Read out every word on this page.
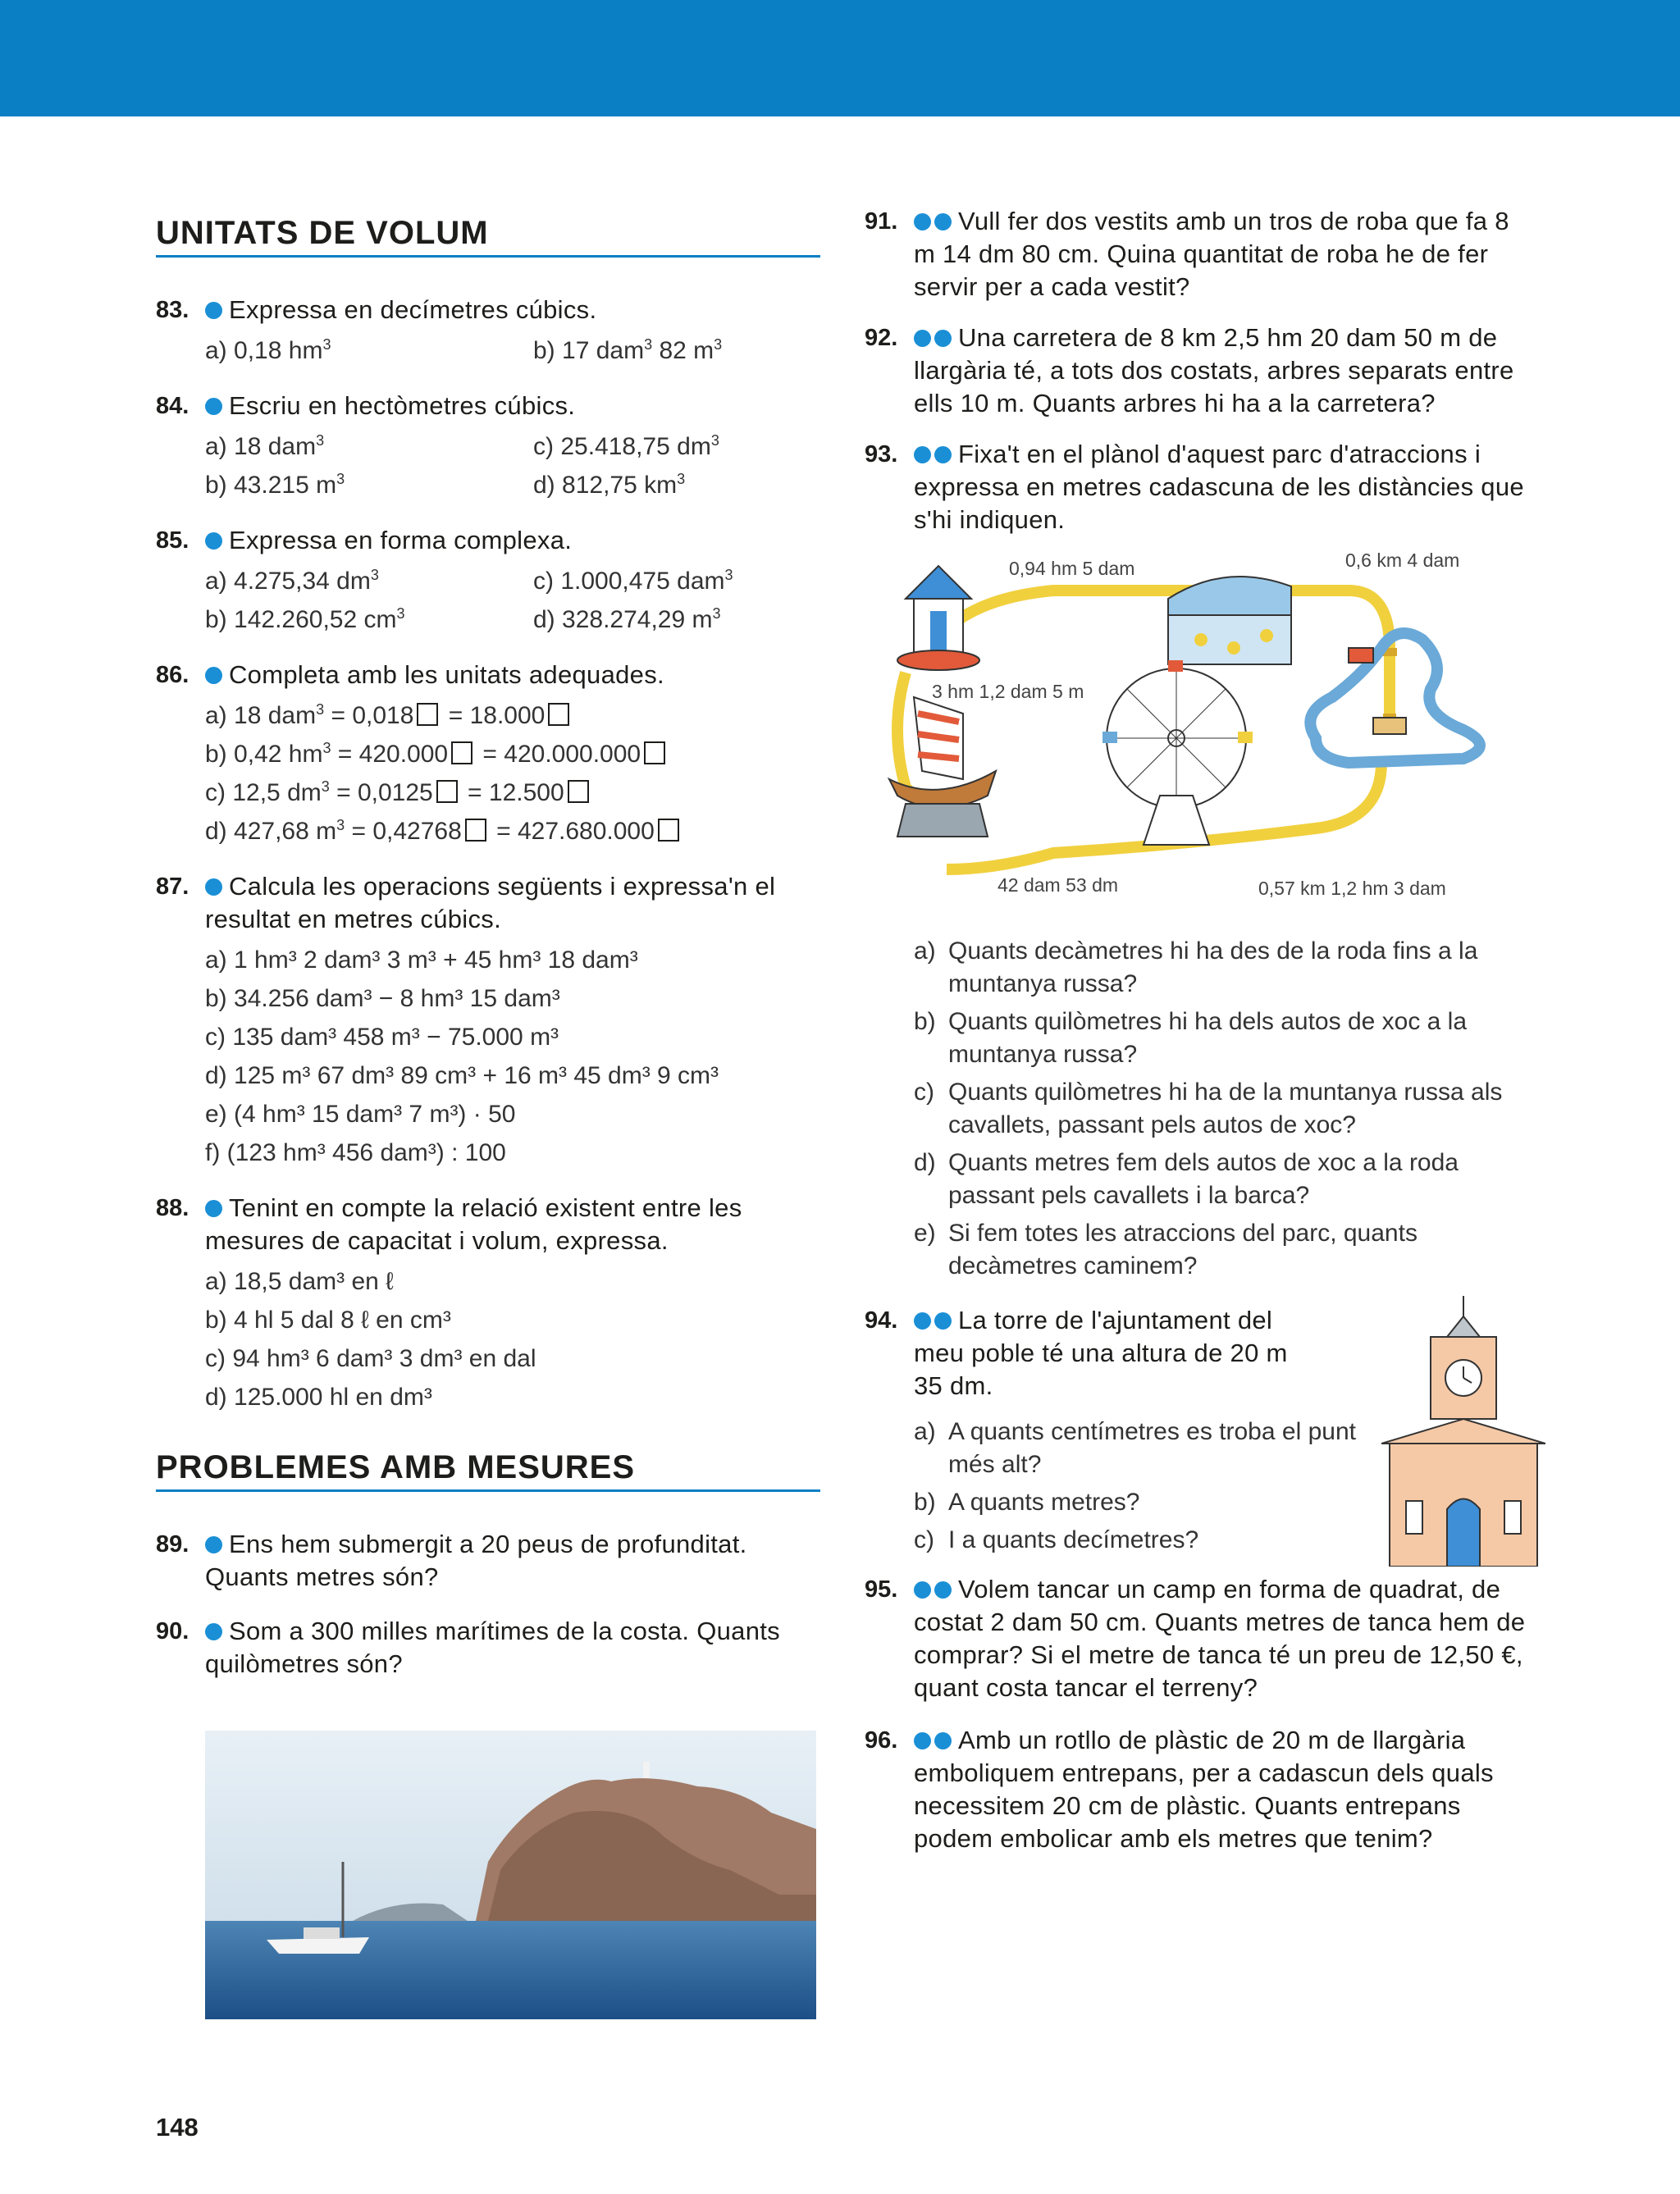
UNITATS DE VOLUM
83. Expressa en decímetres cúbics.
a) 0,18 $hm^3$	b) 17 dam$^3$ 82 $m^3$
84. Escriu en hectòmetres cúbics.
a) 18 dam$^3$	c) 25.418,75 $dm^3$
b) 43.215 $m^3$	d) 812,75 $km^3$
85. Expressa en forma complexa.
a) 4.275,34 $dm^3$	c) 1.000,475 dam$^3$
b) 142.260,52 $cm^3$	d) 328.274,29 $m^3$
86. Completa amb les unitats adequades.
a) 18 dam$^3$ = 0,018 = 18.000
b) 0,42 $hm^3 = 420.000 = 420.000.000$
c) 12,5 $dm^3 = 0,0125 = 12.500$
d) 427,68 $m^3 = 0,42768 = 427.680.000$
87. Calcula les operacions següents i expressa'n el resultat en metres cúbics.
a) 1 hm³ 2 dam³ 3 m³ + 45 hm³ 18 dam³
b) 34.256 dam³ − 8 hm³ 15 dam³
c) 135 dam³ 458 m³ − 75.000 m³
d) 125 m³ 67 dm³ 89 cm³ + 16 m³ 45 dm³ 9 cm³
e) (4 hm³ 15 dam³ 7 m³) · 50
f) (123 hm³ 456 dam³) : 100
88. Tenint en compte la relació existent entre les mesures de capacitat i volum, expressa.
a) 18,5 dam³ en ℓ
b) 4 hl 5 dal 8 ℓ en cm³
c) 94 hm³ 6 dam³ 3 dm³ en dal
d) 125.000 hl en dm³
PROBLEMES AMB MESURES
89. Ens hem submergit a 20 peus de profunditat. Quants metres són?
90. Som a 300 milles marítimes de la costa. Quants quilòmetres són?
148
91. Vull fer dos vestits amb un tros de roba que fa 8 m 14 dm 80 cm. Quina quantitat de roba he de fer servir per a cada vestit?
92. Una carretera de 8 km 2,5 hm 20 dam 50 m de llargària té, a tots dos costats, arbres separats entre ells 10 m. Quants arbres hi ha a la carretera?
93. Fixa't en el plànol d'aquest parc d'atraccions i expressa en metres cadascuna de les distàncies que s'hi indiquen.
0,94 hm 5 dam	0,6 km 4 dam
3 hm 1,2 dam 5 m
42 dam 53 dm	0,57 km 1,2 hm 3 dam
a) Quants decàmetres hi ha des de la roda fins a la muntanya russa?
b) Quants quilòmetres hi ha dels autos de xoc a la muntanya russa?
c) Quants quilòmetres hi ha de la muntanya russa als cavallets, passant pels autos de xoc?
d) Quants metres fem dels autos de xoc a la roda passant pels cavallets i la barca?
e) Si fem totes les atraccions del parc, quants decàmetres caminem?
94. La torre de l'ajuntament del meu poble té una altura de 20 m 35 dm.
a) A quants centímetres es troba el punt més alt?
b) A quants metres?
c) I a quants decímetres?
95. Volem tancar un camp en forma de quadrat, de costat 2 dam 50 cm. Quants metres de tanca hem de comprar? Si el metre de tanca té un preu de 12,50 €, quant costa tancar el terreny?
96. Amb un rotllo de plàstic de 20 m de llargària emboliquem entrepans, per a cadascun dels quals necessitem 20 cm de plàstic. Quants entrepans podem embolicar amb els metres que tenim?
